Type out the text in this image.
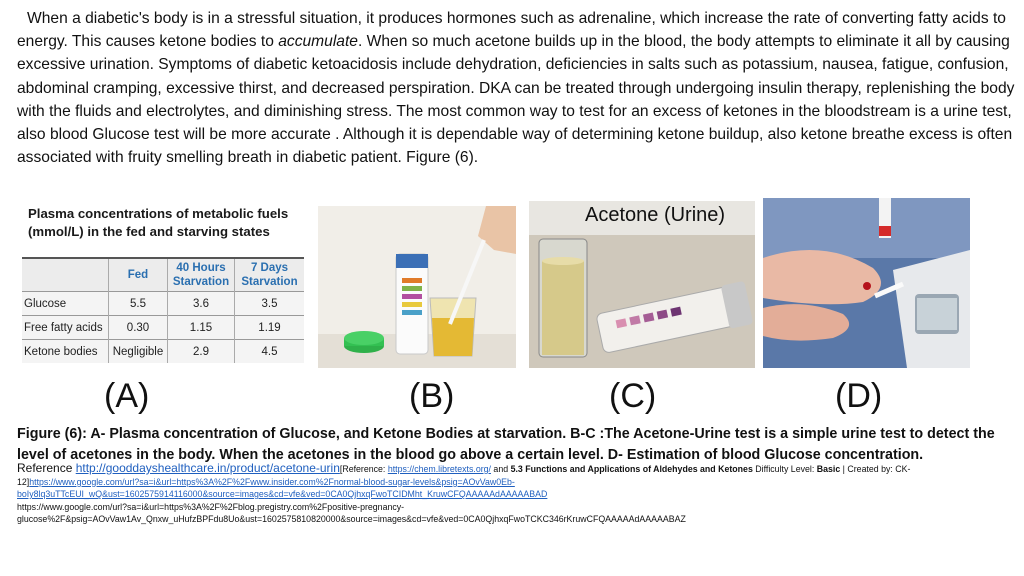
When a diabetic's body is in a stressful situation, it produces hormones such as adrenaline, which increase the rate of converting fatty acids to energy. This causes ketone bodies to accumulate. When so much acetone builds up in the blood, the body attempts to eliminate it all by causing excessive urination. Symptoms of diabetic ketoacidosis include dehydration, deficiencies in salts such as potassium, nausea, fatigue, confusion, abdominal cramping, excessive thirst, and decreased perspiration. DKA can be treated through undergoing insulin therapy, replenishing the body with the fluids and electrolytes, and diminishing stress. The most common way to test for an excess of ketones in the bloodstream is a urine test, also blood Glucose test will be more accurate . Although it is dependable way of determining ketone buildup, also ketone breathe excess is often associated with fruity smelling breath in diabetic patient. Figure (6).

Plasma concentrations of metabolic fuels
(mmol/L) in the fed and starving states
	Fed	40 Hours Starvation	7 Days Starvation
Glucose	5.5	3.6	3.5
Free fatty acids	0.30	1.15	1.19
Ketone bodies	Negligible	2.9	4.5
Acetone (Urine)
(A)	(B)	(C)	(D)

Figure (6): A- Plasma concentration of Glucose, and Ketone Bodies at starvation. B-C :The Acetone-Urine test is a simple urine test to detect the level of acetones in the body. When the acetones in the blood go above a certain level. D- Estimation of blood Glucose concentration.

Reference http://gooddayshealthcare.in/product/acetone-urin[Reference: https://chem.libretexts.org/ and 5.3 Functions and Applications of Aldehydes and Ketones Difficulty Level: Basic | Created by: CK-12]https://www.google.com/url?sa=i&url=https%3A%2F%2Fwww.insider.com%2Fnormal-blood-sugar-levels&psig=AOvVaw0Eb-boIy8lq3uTTcEUI_wQ&ust=1602575914116000&source=images&cd=vfe&ved=0CA0QjhxqFwoTCIDMht_KruwCFQAAAAAdAAAAABAD
https://www.google.com/url?sa=i&url=https%3A%2F%2Fblog.pregistry.com%2Fpositive-pregnancy-glucose%2F&psig=AOvVaw1Av_Qnxw_uHufzBPFdu8Uo&ust=1602575810820000&source=images&cd=vfe&ved=0CA0QjhxqFwoTCKC346rKruwCFQAAAAAdAAAAABAZ
